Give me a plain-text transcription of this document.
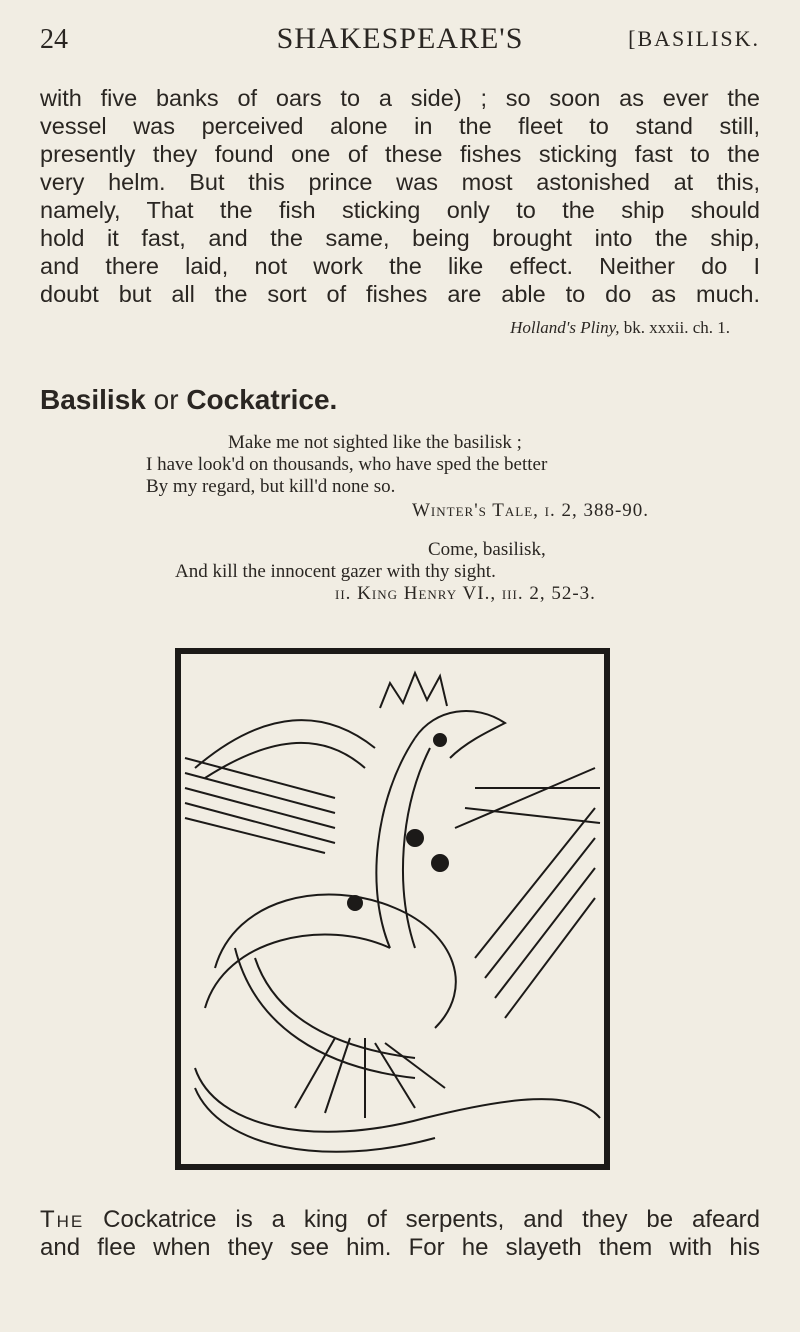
24	SHAKESPEARE'S	[BASILISK.
with five banks of oars to a side) ; so soon as ever the
vessel was perceived alone in the fleet to stand still,
presently they found one of these fishes sticking fast to the
very helm. But this prince was most astonished at this,
namely, That the fish sticking only to the ship should
hold it fast, and the same, being brought into the ship,
and there laid, not work the like effect. Neither do I
doubt but all the sort of fishes are able to do as much.
Holland's Pliny, bk. xxxii. ch. 1.
Basilisk or Cockatrice.
Make me not sighted like the basilisk ;
I have look'd on thousands, who have sped the better
By my regard, but kill'd none so.
Winter's Tale, i. 2, 388-90.
Come, basilisk,
And kill the innocent gazer with thy sight.
ii. King Henry VI., iii. 2, 52-3.
The Cockatrice is a king of serpents, and they be afeard
and flee when they see him. For he slayeth them with his
